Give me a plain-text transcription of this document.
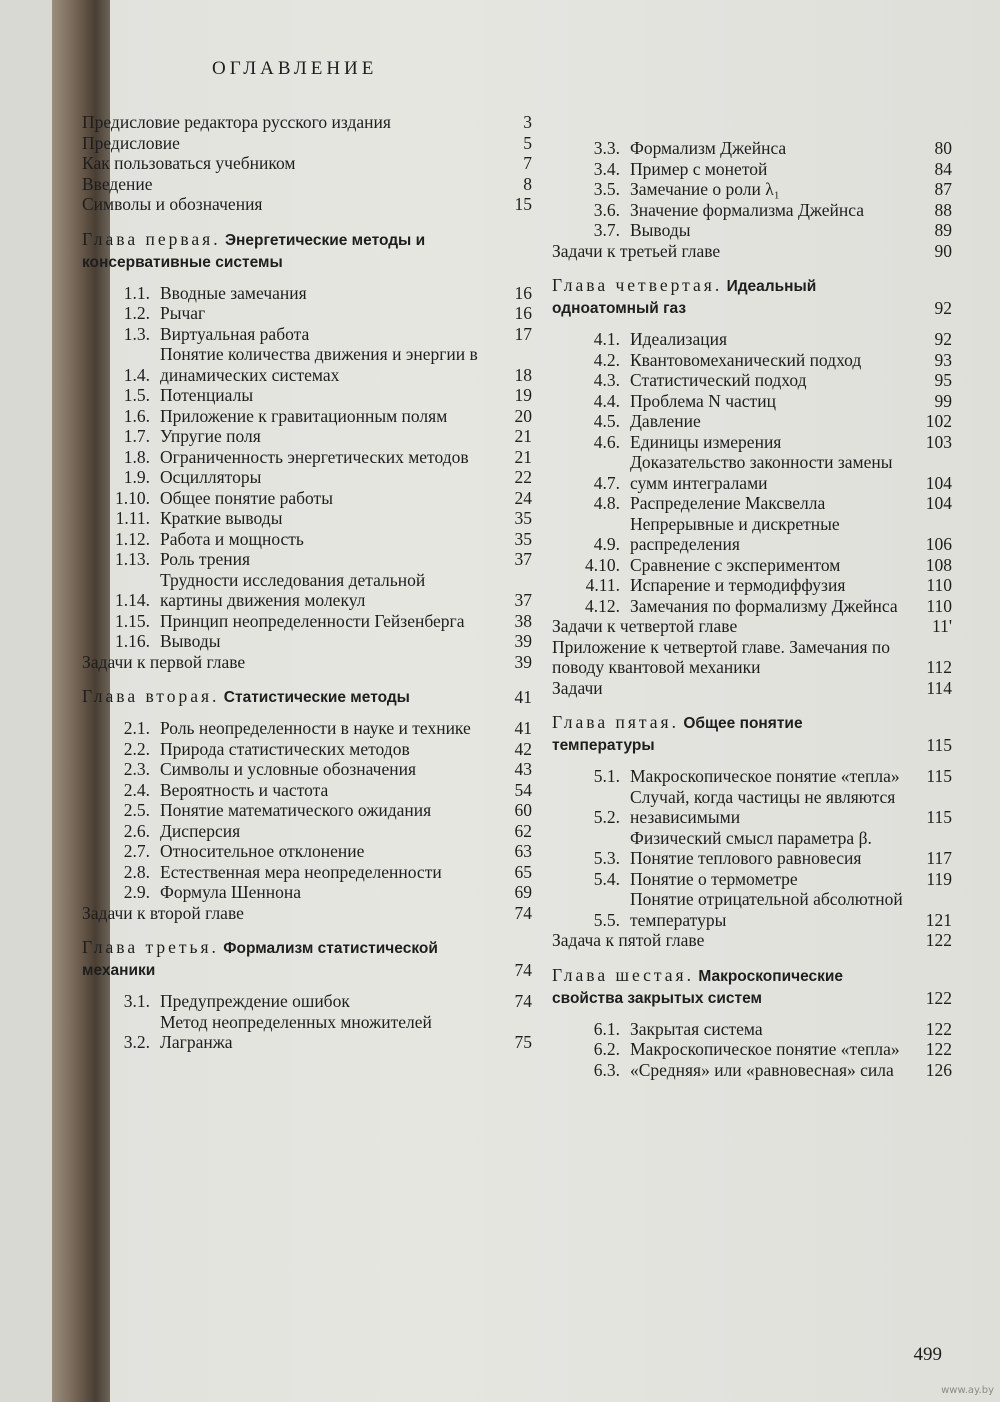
ОГЛАВЛЕНИЕ
Предисловие редактора русского издания	3
Предисловие	5
Как пользоваться учебником	7
Введение	8
Символы и обозначения	15
Глава первая. Энергетические методы и консервативные системы
1.1. Вводные замечания	16
1.2. Рычаг	16
1.3. Виртуальная работа	17
1.4.
Понятие количества движения и энергии в динамических системах	18
1.5. Потенциалы	19
1.6. Приложение к гравитационным полям	20
1.7. Упругие поля	21
1.8. Ограниченность энергетических методов	21
1.9. Осцилляторы	22
1.10. Общее понятие работы	24
1.11. Краткие выводы	35
1.12. Работа и мощность	35
1.13. Роль трения	37
1.14.
Трудности исследования детальной картины движения молекул	37
1.15. Принцип неопределенности Гейзенберга	38
1.16. Выводы	39
Задачи к первой главе	39
Глава вторая. Статистические методы	41
2.1. Роль неопределенности в науке и технике	41
2.2. Природа статистических методов	42
2.3. Символы и условные обозначения	43
2.4. Вероятность и частота	54
2.5. Понятие математического ожидания	60
2.6. Дисперсия	62
2.7. Относительное отклонение	63
2.8. Естественная мера неопределенности	65
2.9. Формула Шеннона	69
Задачи к второй главе	74
Глава третья. Формализм статистической механики	74
3.1. Предупреждение ошибок	74
3.2.
Метод неопределенных множителей Лагранжа	75
3.3. Формализм Джейнса	80
3.4. Пример с монетой	84
3.5. Замечание о роли λ₁	87
3.6. Значение формализма Джейнса	88
3.7. Выводы	89
Задачи к третьей главе	90
Глава четвертая. Идеальный одноатомный газ	92
4.1. Идеализация	92
4.2. Квантовомеханический подход	93
4.3. Статистический подход	95
4.4. Проблема N частиц	99
4.5. Давление	102
4.6. Единицы измерения	103
4.7.
Доказательство законности замены сумм интегралами	104
4.8. Распределение Максвелла	104
4.9.
Непрерывные и дискретные распределения	106
4.10. Сравнение с экспериментом	108
4.11. Испарение и термодиффузия	110
4.12. Замечания по формализму Джейнса	110
Задачи к четвертой главе	11'
Приложение к четвертой главе. Замечания по поводу квантовой механики	112
Задачи	114
Глава пятая. Общее понятие температуры	115
5.1. Макроскопическое понятие «тепла»	115
5.2.
Случай, когда частицы не являются независимыми	115
5.3.
Физический смысл параметра β. Понятие теплового равновесия	117
5.4. Понятие о термометре	119
5.5.
Понятие отрицательной абсолютной температуры	121
Задача к пятой главе	122
Глава шестая. Макроскопические свойства закрытых систем	122
6.1. Закрытая система	122
6.2. Макроскопическое понятие «тепла»	122
6.3. «Средняя» или «равновесная» сила	126
499
www.ay.by
